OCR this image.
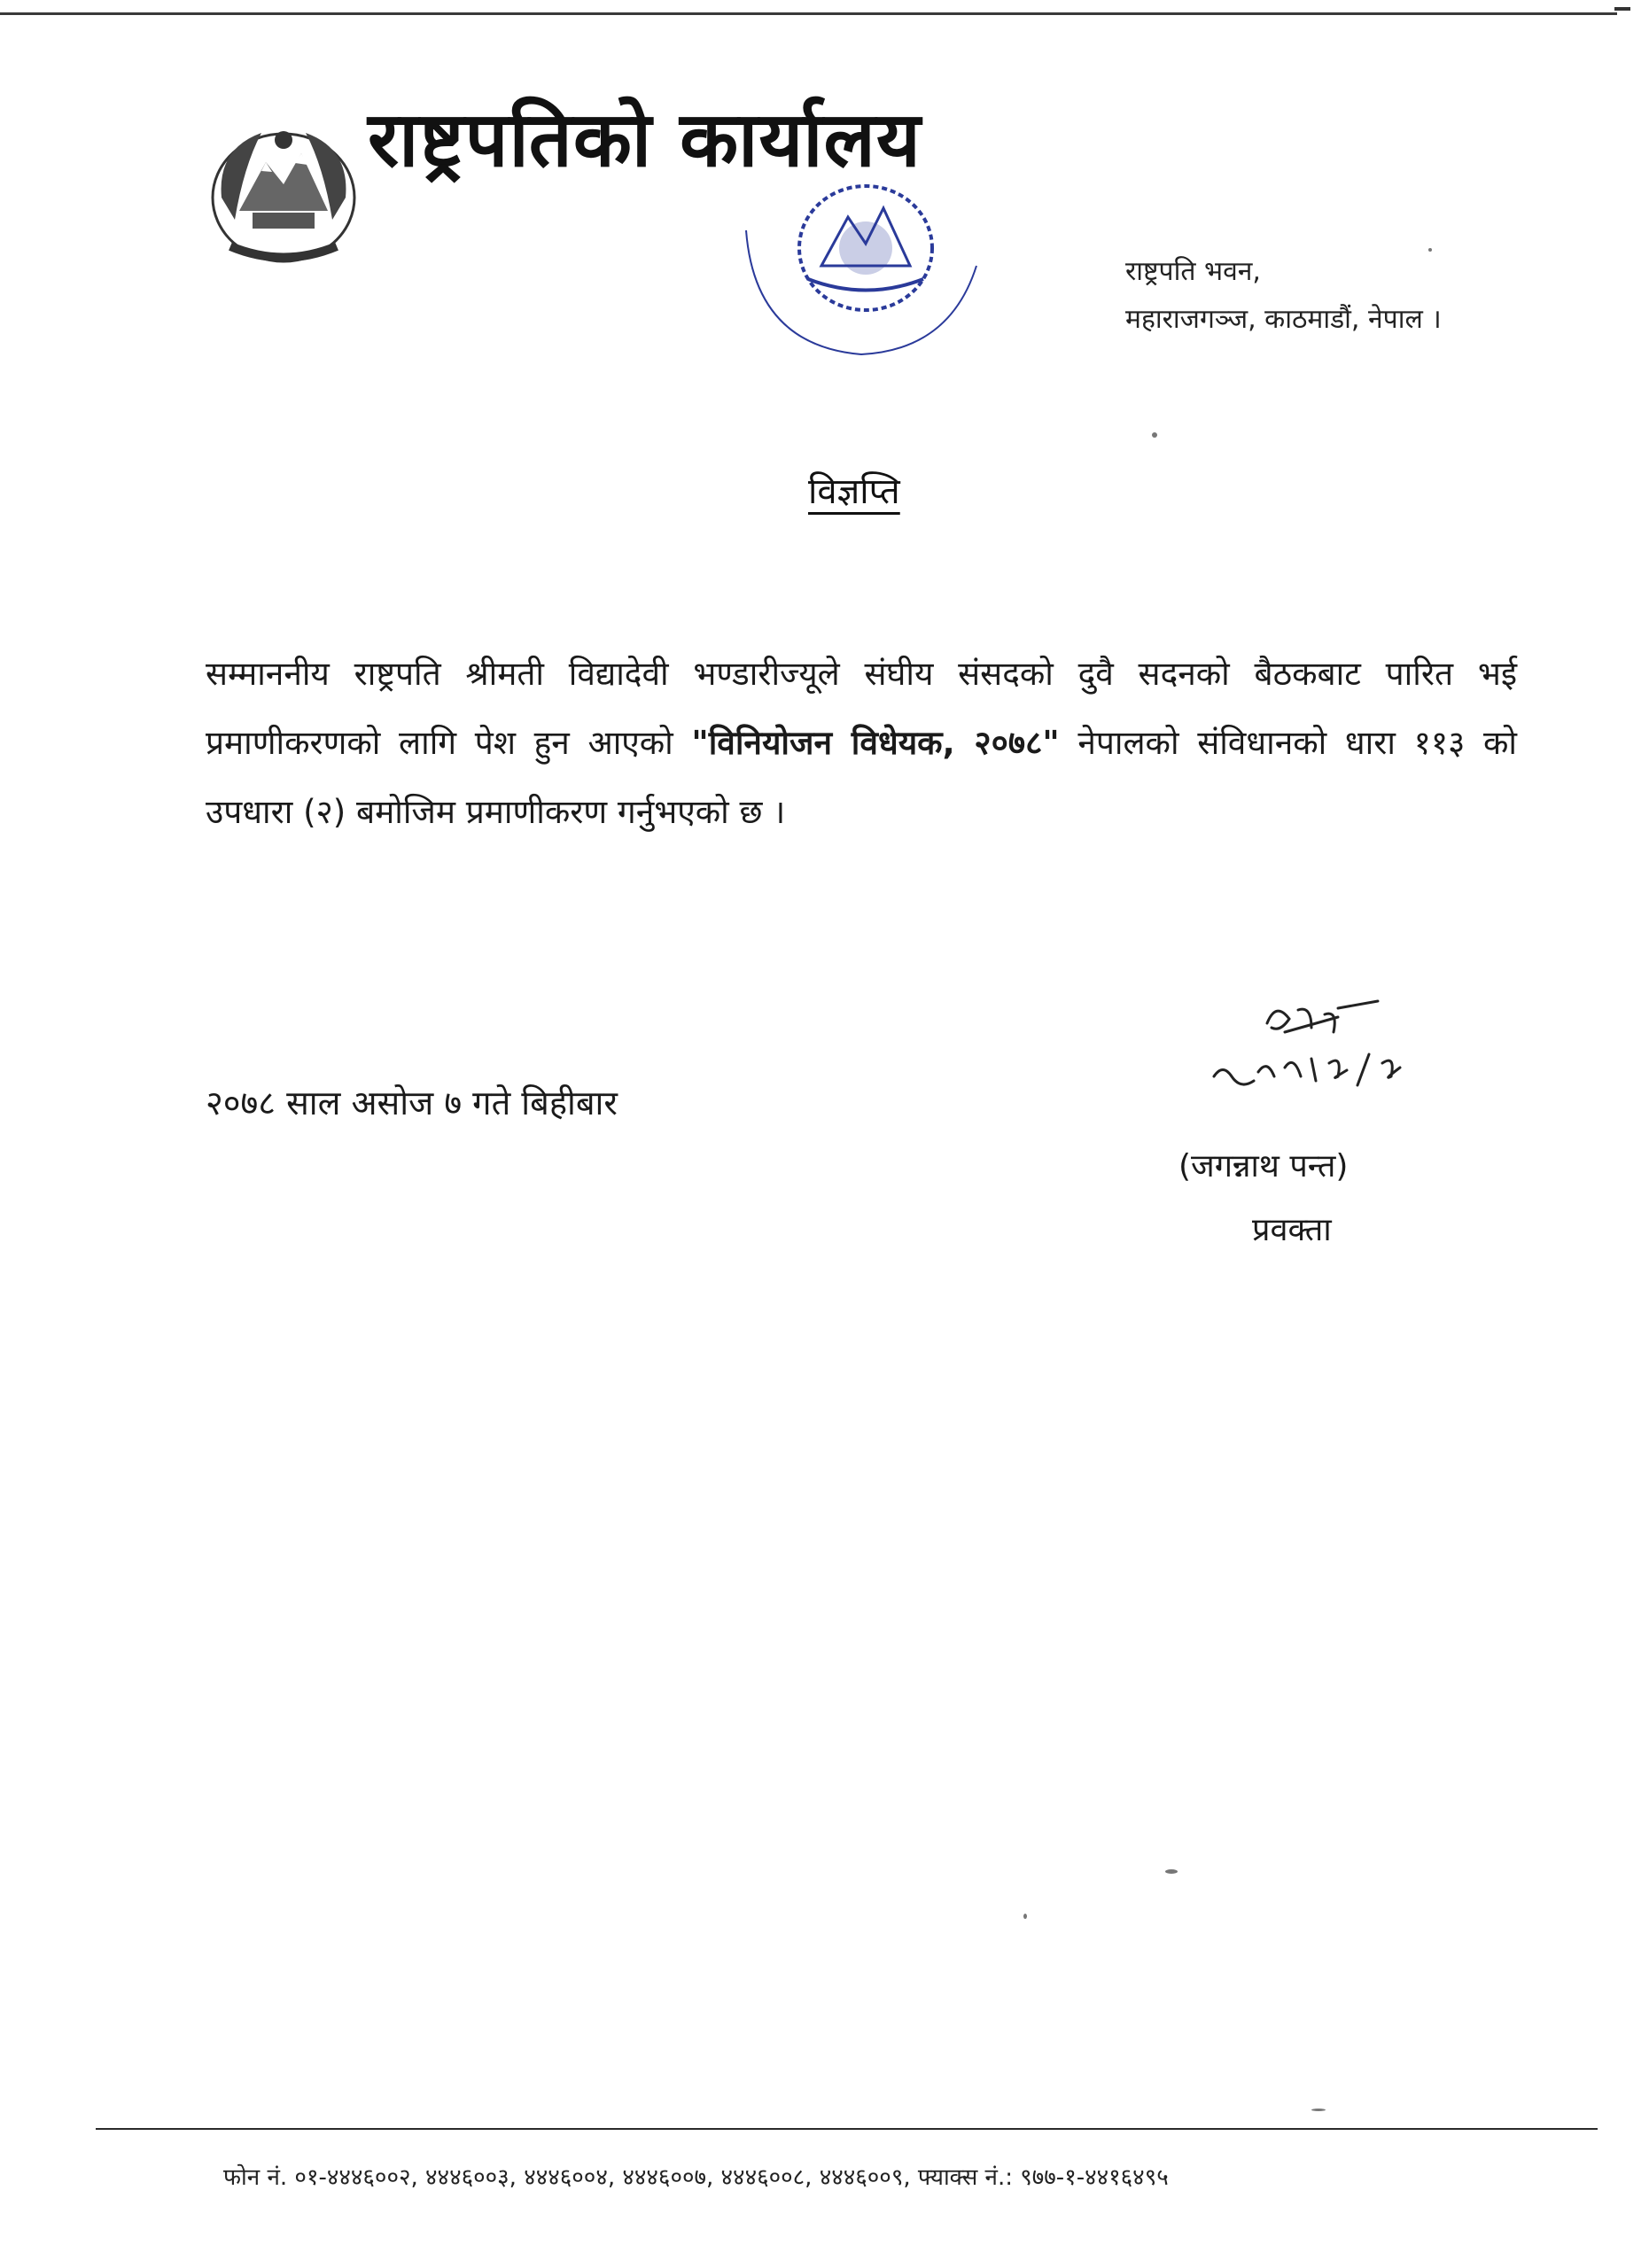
राष्ट्रपतिको कार्यालय
राष्ट्रपति भवन,
महाराजगञ्ज, काठमाडौं, नेपाल ।
विज्ञप्ति
सम्माननीय राष्ट्रपति श्रीमती विद्यादेवी भण्डारीज्यूले संघीय संसदको दुवै सदनको बैठकबाट पारित भई प्रमाणीकरणको लागि पेश हुन आएको "विनियोजन विधेयक, २०७८" नेपालको संविधानको धारा ११३ को उपधारा (२) बमोजिम प्रमाणीकरण गर्नुभएको छ ।
२०७८ साल असोज ७ गते बिहीबार
(जगन्नाथ पन्त)
प्रवक्ता
फोन नं. ०१-४४४६००२, ४४४६००३, ४४४६००४, ४४४६००७, ४४४६००८, ४४४६००९, फ्याक्स नं.: ९७७-१-४४१६४९५
